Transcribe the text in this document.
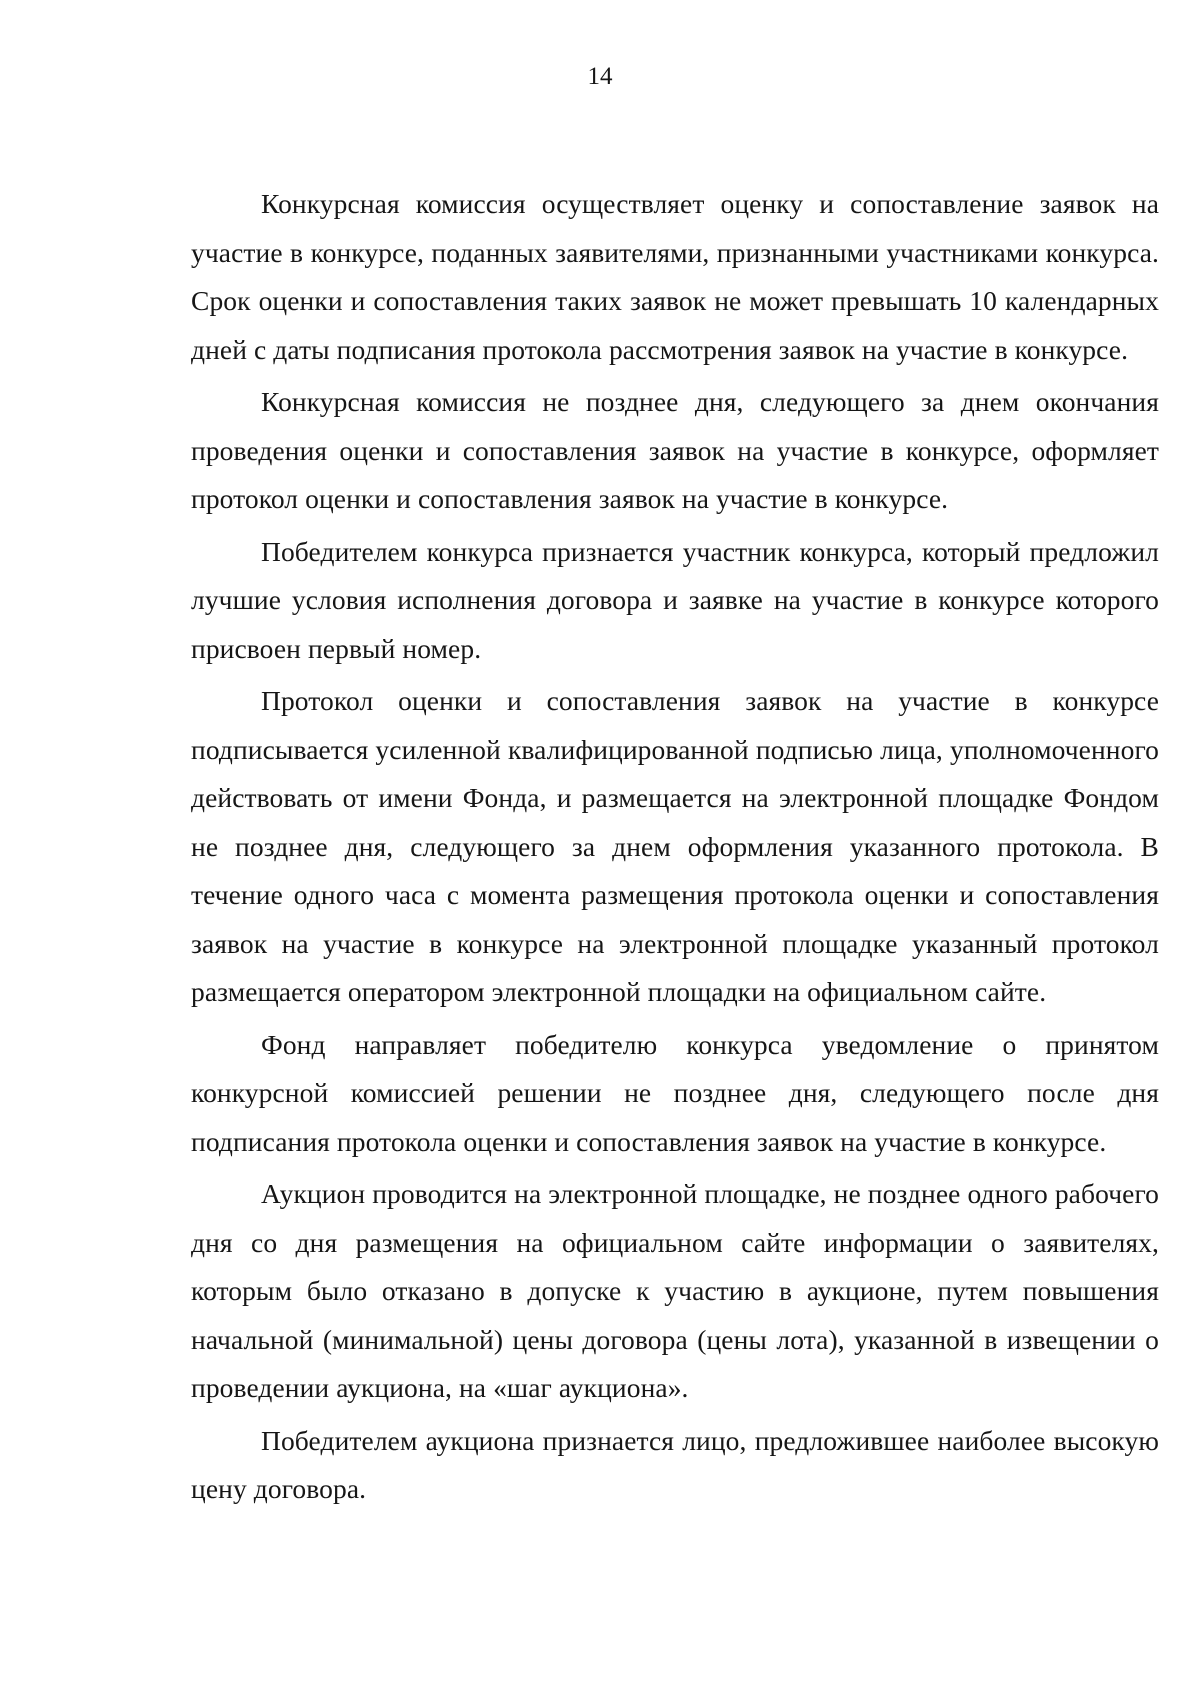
14

Конкурсная комиссия осуществляет оценку и сопоставление заявок на участие в конкурсе, поданных заявителями, признанными участниками конкурса. Срок оценки и сопоставления таких заявок не может превышать 10 календарных дней с даты подписания протокола рассмотрения заявок на участие в конкурсе.

Конкурсная комиссия не позднее дня, следующего за днем окончания проведения оценки и сопоставления заявок на участие в конкурсе, оформляет протокол оценки и сопоставления заявок на участие в конкурсе.

Победителем конкурса признается участник конкурса, который предложил лучшие условия исполнения договора и заявке на участие в конкурсе которого присвоен первый номер.

Протокол оценки и сопоставления заявок на участие в конкурсе подписывается усиленной квалифицированной подписью лица, уполномоченного действовать от имени Фонда, и размещается на электронной площадке Фондом не позднее дня, следующего за днем оформления указанного протокола. В течение одного часа с момента размещения протокола оценки и сопоставления заявок на участие в конкурсе на электронной площадке указанный протокол размещается оператором электронной площадки на официальном сайте.

Фонд направляет победителю конкурса уведомление о принятом конкурсной комиссией решении не позднее дня, следующего после дня подписания протокола оценки и сопоставления заявок на участие в конкурсе.

Аукцион проводится на электронной площадке, не позднее одного рабочего дня со дня размещения на официальном сайте информации о заявителях, которым было отказано в допуске к участию в аукционе, путем повышения начальной (минимальной) цены договора (цены лота), указанной в извещении о проведении аукциона, на «шаг аукциона».

Победителем аукциона признается лицо, предложившее наиболее высокую цену договора.
